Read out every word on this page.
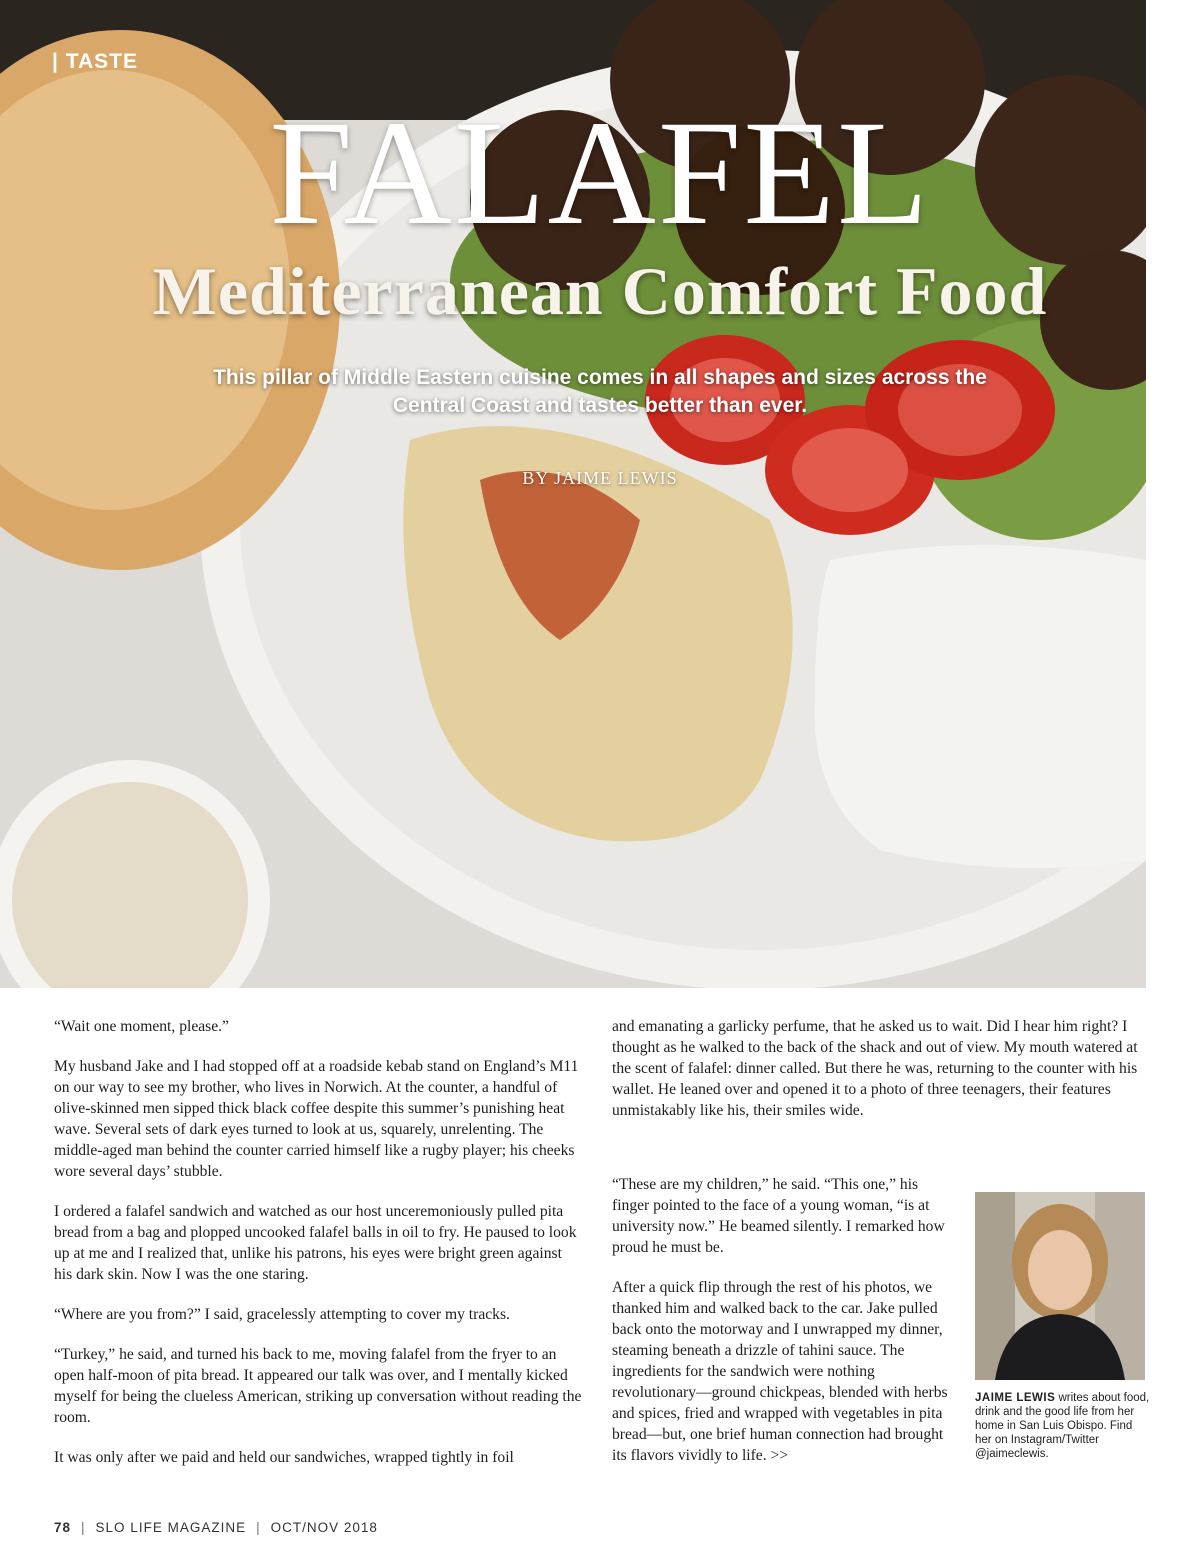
| TASTE
FALAFEL
Mediterranean Comfort Food
This pillar of Middle Eastern cuisine comes in all shapes and sizes across the Central Coast and tastes better than ever.
BY JAIME LEWIS

“Wait one moment, please.”

My husband Jake and I had stopped off at a roadside kebab stand on England’s M11 on our way to see my brother, who lives in Norwich. At the counter, a handful of olive-skinned men sipped thick black coffee despite this summer’s punishing heat wave. Several sets of dark eyes turned to look at us, squarely, unrelenting. The middle-aged man behind the counter carried himself like a rugby player; his cheeks wore several days’ stubble.

I ordered a falafel sandwich and watched as our host unceremoniously pulled pita bread from a bag and plopped uncooked falafel balls in oil to fry. He paused to look up at me and I realized that, unlike his patrons, his eyes were bright green against his dark skin. Now I was the one staring.

“Where are you from?” I said, gracelessly attempting to cover my tracks.

“Turkey,” he said, and turned his back to me, moving falafel from the fryer to an open half-moon of pita bread. It appeared our talk was over, and I mentally kicked myself for being the clueless American, striking up conversation without reading the room.

It was only after we paid and held our sandwiches, wrapped tightly in foil

and emanating a garlicky perfume, that he asked us to wait. Did I hear him right? I thought as he walked to the back of the shack and out of view. My mouth watered at the scent of falafel: dinner called. But there he was, returning to the counter with his wallet. He leaned over and opened it to a photo of three teenagers, their features unmistakably like his, their smiles wide.

“These are my children,” he said. “This one,” his finger pointed to the face of a young woman, “is at university now.” He beamed silently. I remarked how proud he must be.

After a quick flip through the rest of his photos, we thanked him and walked back to the car. Jake pulled back onto the motorway and I unwrapped my dinner, steaming beneath a drizzle of tahini sauce. The ingredients for the sandwich were nothing revolutionary—ground chickpeas, blended with herbs and spices, fried and wrapped with vegetables in pita bread—but, one brief human connection had brought its flavors vividly to life. >>

JAIME LEWIS writes about food, drink and the good life from her home in San Luis Obispo. Find her on Instagram/Twitter @jaimeclewis.
78 | SLO LIFE MAGAZINE | OCT/NOV 2018
